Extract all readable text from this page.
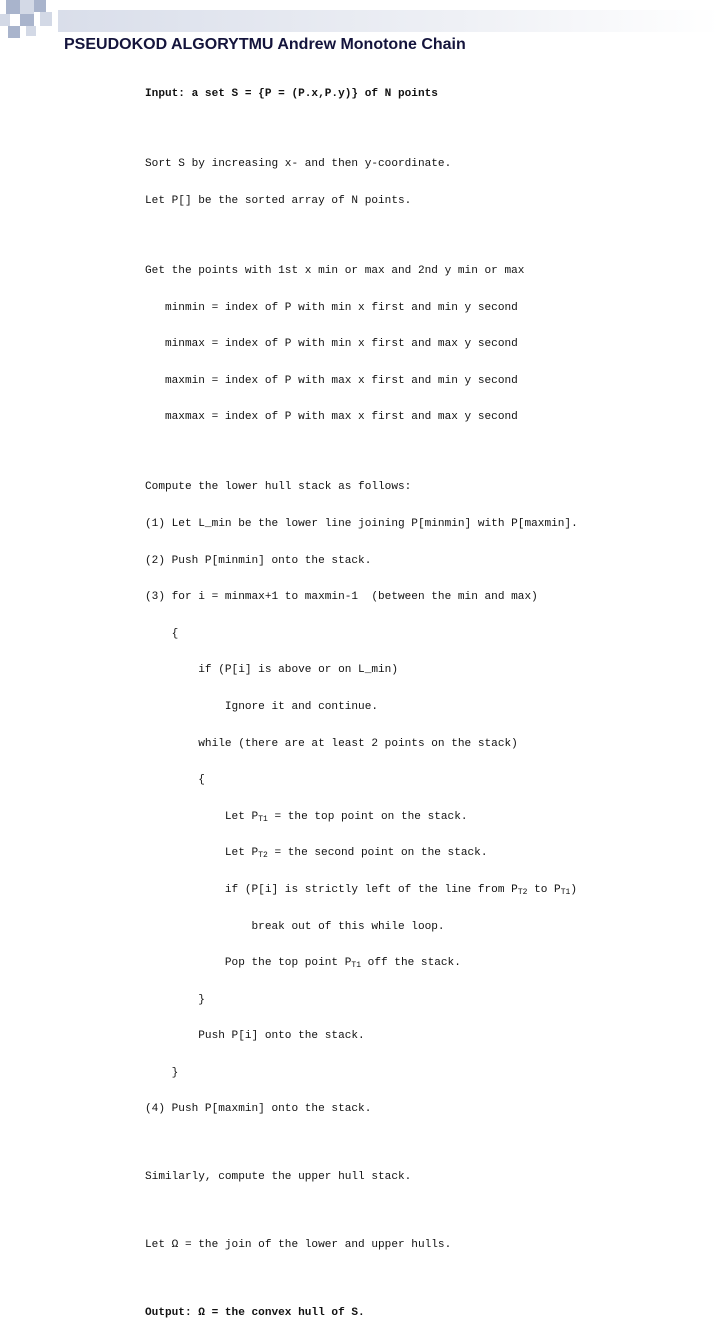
PSEUDOKOD ALGORYTMU Andrew Monotone Chain

Input: a set S = {P = (P.x,P.y)} of N points

Sort S by increasing x- and then y-coordinate.

Let P[] be the sorted array of N points.

Get the points with 1st x min or max and 2nd y min or max

minmin = index of P with min x first and min y second

minmax = index of P with min x first and max y second

maxmin = index of P with max x first and min y second

maxmax = index of P with max x first and max y second

Compute the lower hull stack as follows:

(1) Let L_min be the lower line joining P[minmin] with P[maxmin].

(2) Push P[minmin] onto the stack.

(3) for i = minmax+1 to maxmin-1  (between the min and max)

{

if (P[i] is above or on L_min)

Ignore it and continue.

while (there are at least 2 points on the stack)

{

Let $P_{T1}$ = the top point on the stack.

Let $P_{T2}$ = the second point on the stack.

if (P[i] is strictly left of the line from $P_{T2}$ to $P_{T1}$)

break out of this while loop.

Pop the top point $P_{T1}$ off the stack.

}

Push P[i] onto the stack.

}

(4) Push P[maxmin] onto the stack.

Similarly, compute the upper hull stack.

Let Ω = the join of the lower and upper hulls.

Output: Ω = the convex hull of S.
